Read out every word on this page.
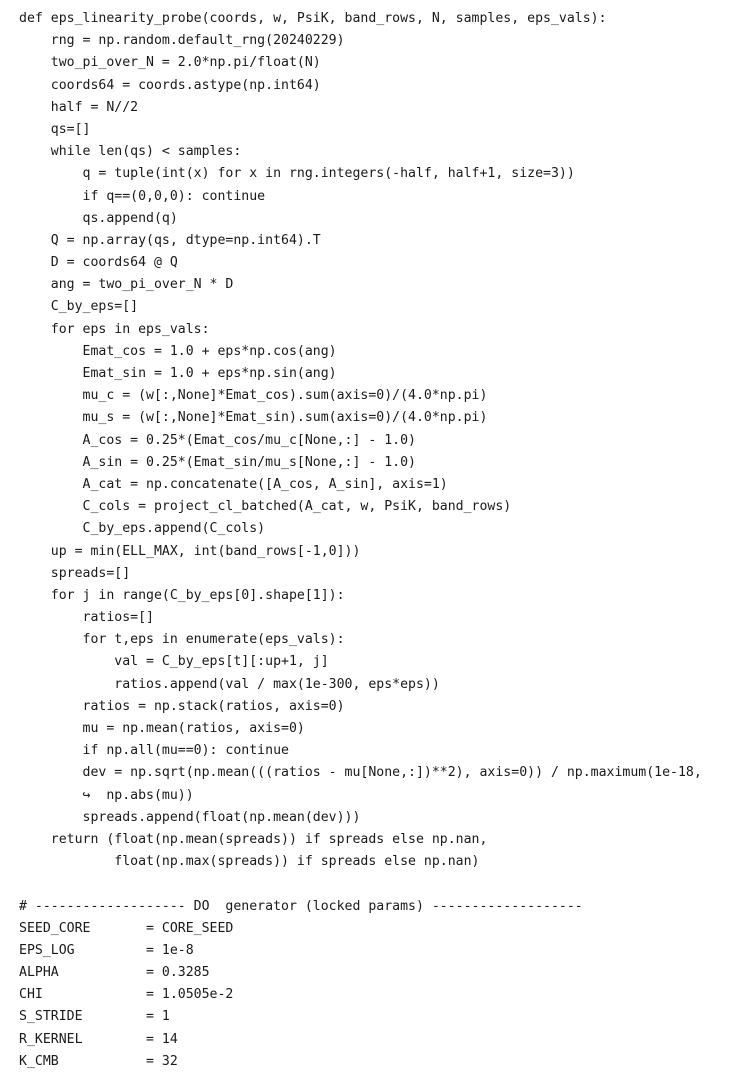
def eps_linearity_probe(coords, w, PsiK, band_rows, N, samples, eps_vals):
rng = np.random.default_rng(20240229)
two_pi_over_N = 2.0*np.pi/float(N)
coords64 = coords.astype(np.int64)
half = N//2
qs=[]
while len(qs) < samples:
q = tuple(int(x) for x in rng.integers(-half, half+1, size=3))
if q==(0,0,0): continue
qs.append(q)
Q = np.array(qs, dtype=np.int64).T
D = coords64 @ Q
ang = two_pi_over_N * D
C_by_eps=[]
for eps in eps_vals:
Emat_cos = 1.0 + eps*np.cos(ang)
Emat_sin = 1.0 + eps*np.sin(ang)
mu_c = (w[:,None]*Emat_cos).sum(axis=0)/(4.0*np.pi)
mu_s = (w[:,None]*Emat_sin).sum(axis=0)/(4.0*np.pi)
A_cos = 0.25*(Emat_cos/mu_c[None,:] - 1.0)
A_sin = 0.25*(Emat_sin/mu_s[None,:] - 1.0)
A_cat = np.concatenate([A_cos, A_sin], axis=1)
C_cols = project_cl_batched(A_cat, w, PsiK, band_rows)
C_by_eps.append(C_cols)
up = min(ELL_MAX, int(band_rows[-1,0]))
spreads=[]
for j in range(C_by_eps[0].shape[1]):
ratios=[]
for t,eps in enumerate(eps_vals):
val = C_by_eps[t][:up+1, j]
ratios.append(val / max(1e-300, eps*eps))
ratios = np.stack(ratios, axis=0)
mu = np.mean(ratios, axis=0)
if np.all(mu==0): continue
dev = np.sqrt(np.mean(((ratios - mu[None,:])**2), axis=0)) / np.maximum(1e-18,
↪  np.abs(mu))
spreads.append(float(np.mean(dev)))
return (float(np.mean(spreads)) if spreads else np.nan,
float(np.max(spreads)) if spreads else np.nan)
# ------------------- DO  generator (locked params) -------------------
SEED_CORE       = CORE_SEED
EPS_LOG         = 1e-8
ALPHA           = 0.3285
CHI             = 1.0505e-2
S_STRIDE        = 1
R_KERNEL        = 14
K_CMB           = 32
